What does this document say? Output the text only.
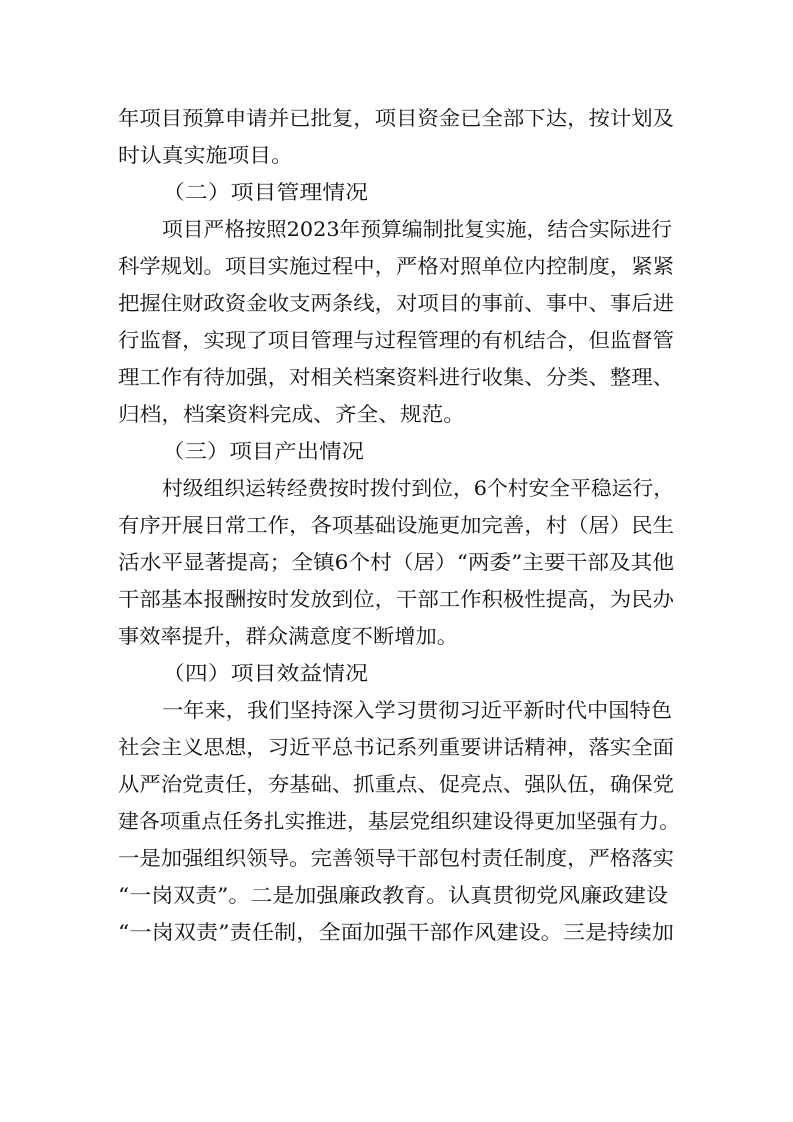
年项目预算申请并已批复，项目资金已全部下达，按计划及
时认真实施项目。
（二）项目管理情况
项目严格按照2023年预算编制批复实施，结合实际进行
科学规划。项目实施过程中，严格对照单位内控制度，紧紧
把握住财政资金收支两条线，对项目的事前、事中、事后进
行监督，实现了项目管理与过程管理的有机结合，但监督管
理工作有待加强，对相关档案资料进行收集、分类、整理、
归档，档案资料完成、齐全、规范。
（三）项目产出情况
村级组织运转经费按时拨付到位，6个村安全平稳运行，
有序开展日常工作，各项基础设施更加完善，村（居）民生
活水平显著提高；全镇6个村（居）“两委”主要干部及其他
干部基本报酬按时发放到位，干部工作积极性提高，为民办
事效率提升，群众满意度不断增加。
（四）项目效益情况
一年来，我们坚持深入学习贯彻习近平新时代中国特色
社会主义思想，习近平总书记系列重要讲话精神，落实全面
从严治党责任，夯基础、抓重点、促亮点、强队伍，确保党
建各项重点任务扎实推进，基层党组织建设得更加坚强有力。
一是加强组织领导。完善领导干部包村责任制度，严格落实
“一岗双责”。二是加强廉政教育。认真贯彻党风廉政建设
“一岗双责”责任制，全面加强干部作风建设。三是持续加
